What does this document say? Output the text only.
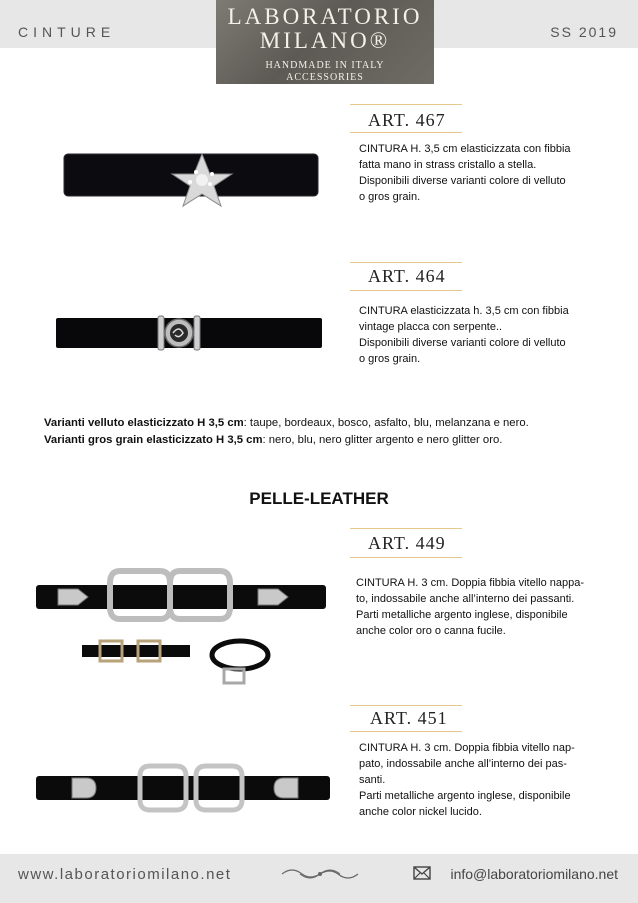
CINTURE	SS 2019
LABORATORIO
MILANO®
HANDMADE IN ITALY
ACCESSORIES
ART. 467
CINTURA H. 3,5 cm elasticizzata con fibbia
fatta mano in strass cristallo a stella.
Disponibili diverse varianti colore di velluto
o gros grain.
ART. 464
CINTURA elasticizzata h. 3,5 cm con fibbia
vintage placca con serpente..
Disponibili diverse varianti colore di velluto
o gros grain.
Varianti velluto elasticizzato H 3,5 cm: taupe, bordeaux, bosco, asfalto, blu, melanzana e nero.
Varianti gros grain elasticizzato H 3,5 cm: nero, blu, nero glitter argento e nero glitter oro.
PELLE-LEATHER
ART. 449
CINTURA H. 3 cm. Doppia fibbia vitello nappa-
to, indossabile anche all’interno dei passanti.
Parti metalliche argento inglese, disponibile
anche color oro o canna fucile.
ART. 451
CINTURA H. 3 cm. Doppia fibbia vitello nap-
pato, indossabile anche all’interno dei pas-
santi.
Parti metalliche argento inglese, disponibile
anche color nickel lucido.
www.laboratoriomilano.net	info@laboratoriomilano.net
